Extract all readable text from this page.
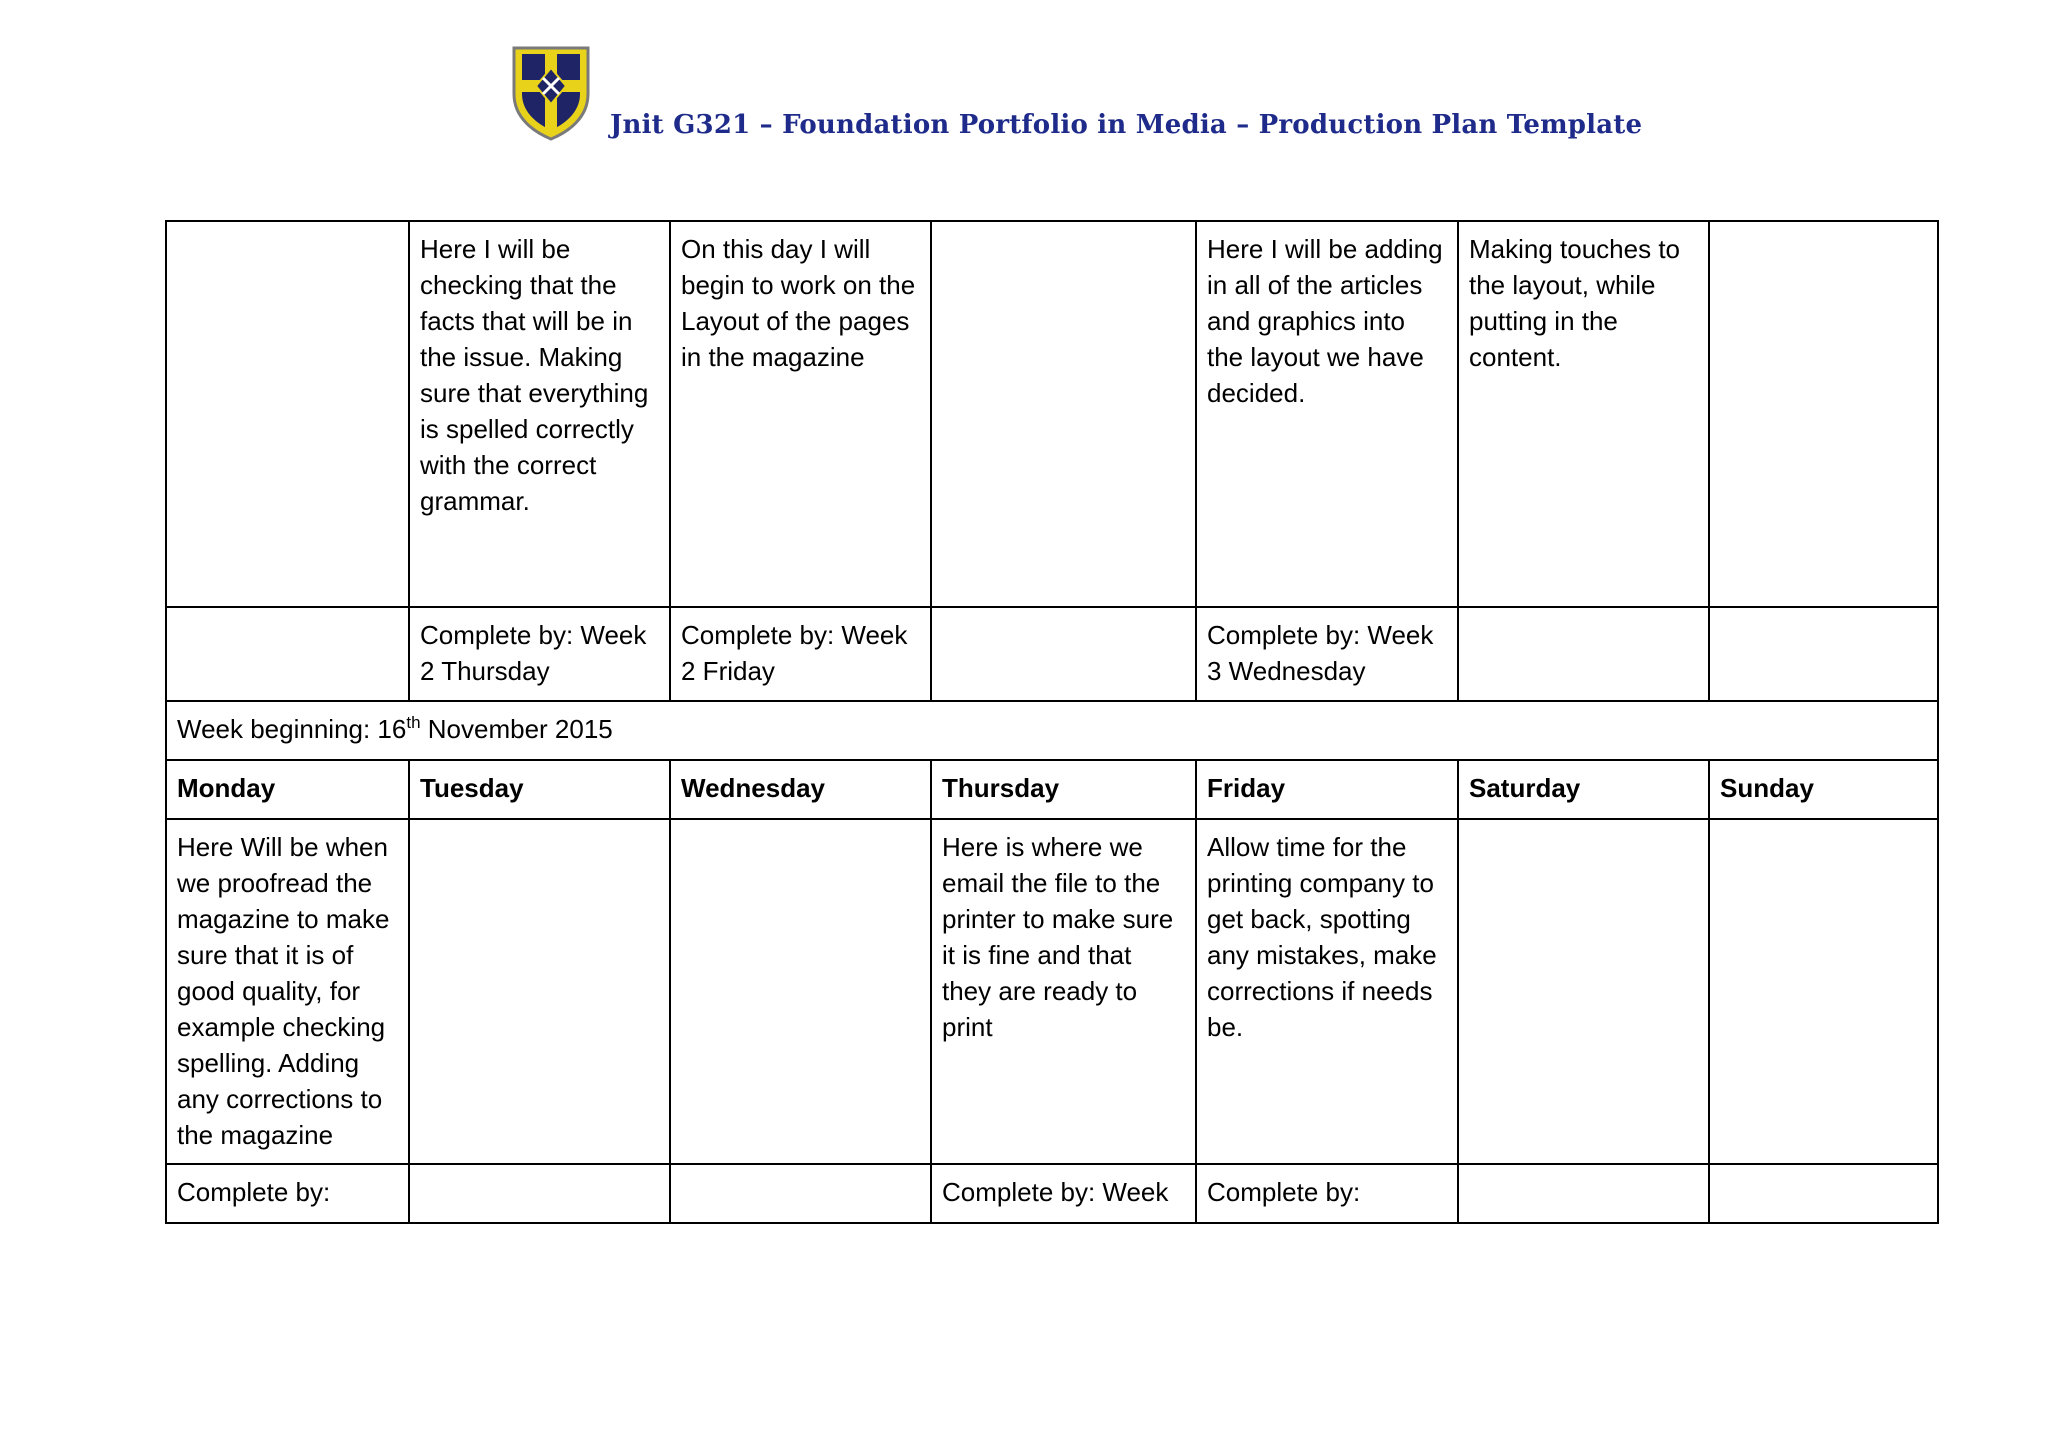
Jnit G321 – Foundation Portfolio in Media – Production Plan Template
	Here I will be checking that the facts that will be in the issue. Making sure that everything is spelled correctly with the correct grammar.	On this day I will begin to work on the Layout of the pages in the magazine		Here I will be adding in all of the articles and graphics into the layout we have decided.	Making touches to the layout, while putting in the content.	
	Complete by: Week 2 Thursday	Complete by: Week 2 Friday		Complete by: Week 3 Wednesday		
Week beginning: 16th November 2015						
Monday	Tuesday	Wednesday	Thursday	Friday	Saturday	Sunday
Here Will be when we proofread the magazine to make sure that it is of good quality, for example checking spelling. Adding any corrections to the magazine			Here is where we email the file to the printer to make sure it is fine and that they are ready to print	Allow time for the printing company to get back, spotting any mistakes, make corrections if needs be.		
Complete by:			Complete by: Week	Complete by:		
